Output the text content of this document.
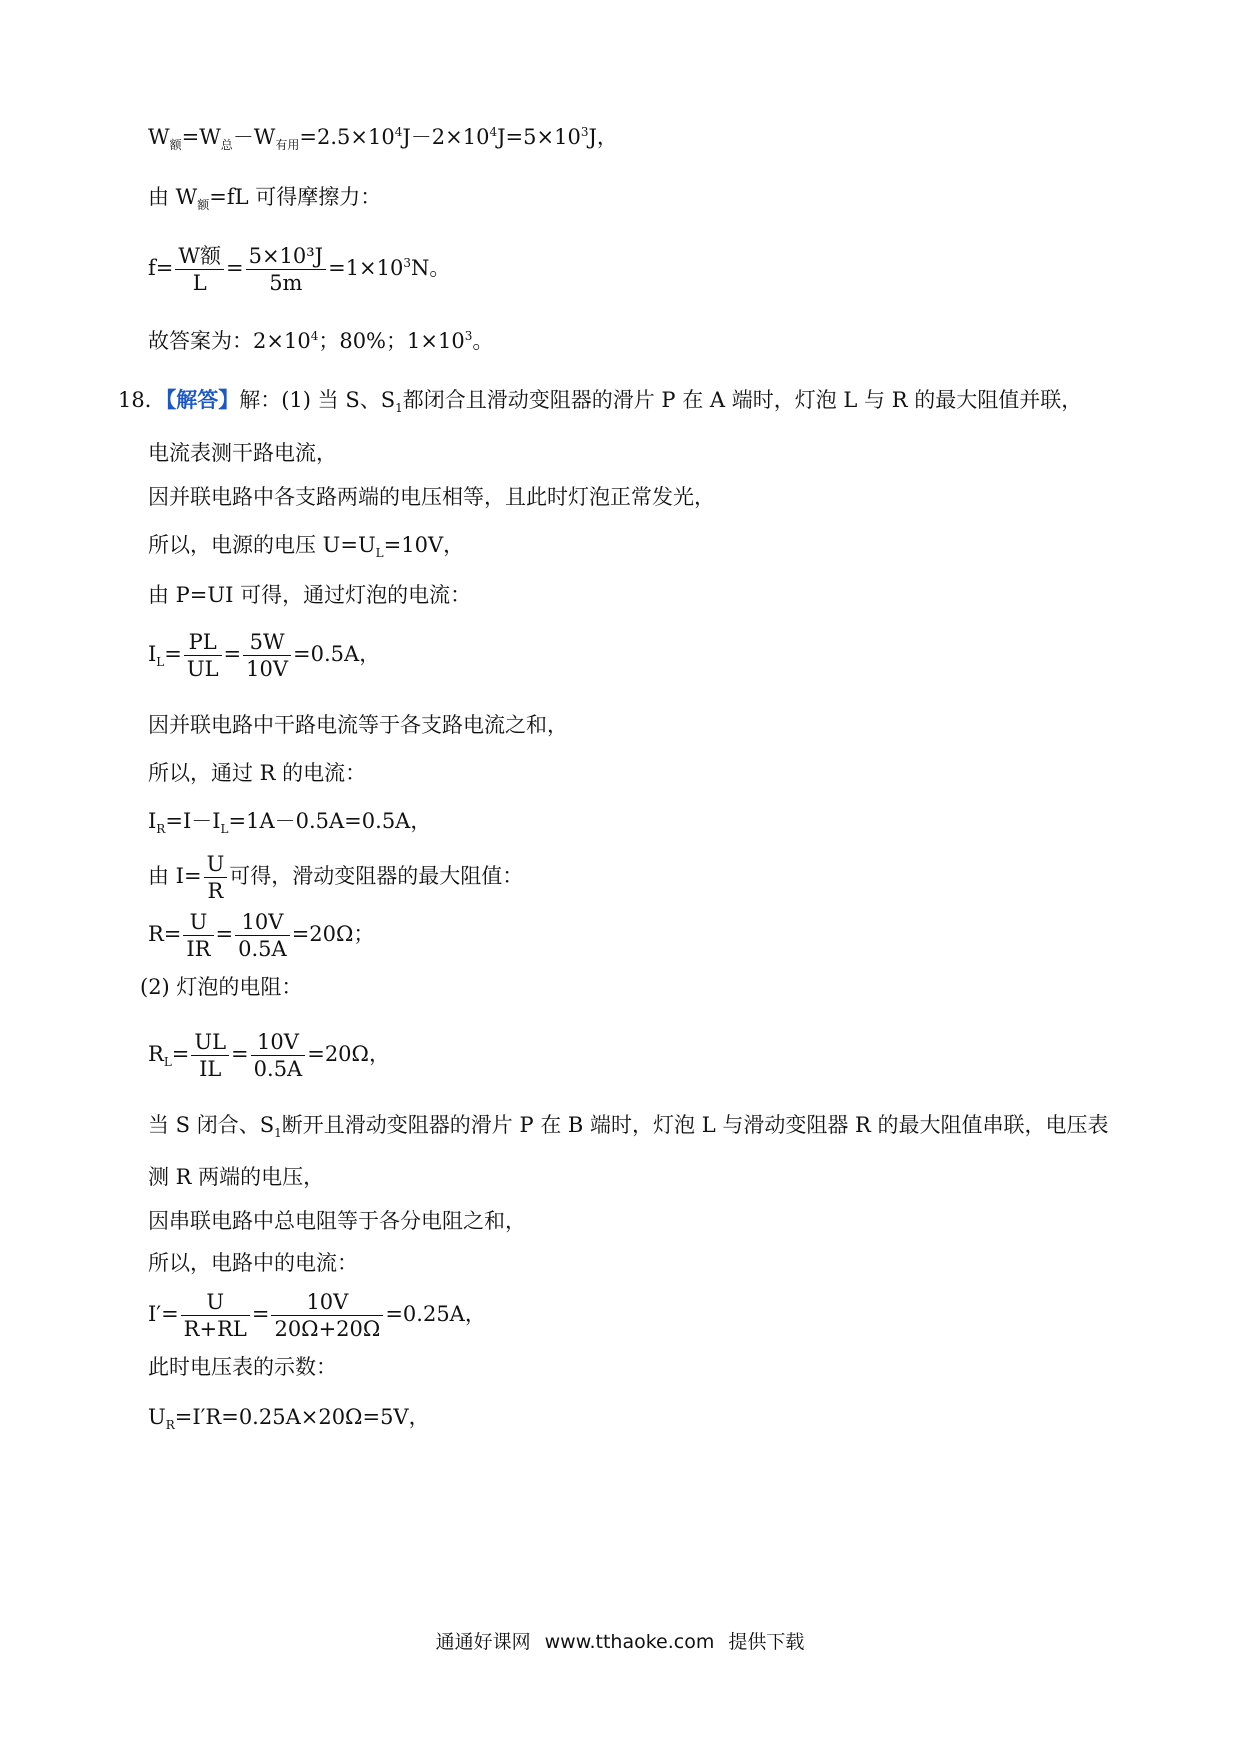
$W_额=W_总-W_{有用}=2.5\times 10^4J-2\times 10^4J=5\times 10^3J$，
由 $W_额=fL$ 可得摩擦力：
$f= \frac{\text{W额}}{L} = \frac{\text{5×10³J}}{5m} =1\times 10^3N$。
故答案为：$2\times 10^4$；80%；$1\times 10^3$。
18．【解答】解：(1) 当 S、$S_1$都闭合且滑动变阻器的滑片 P 在 A 端时，灯泡 L 与 R 的最大阻值并联，
电流表测干路电流，
因并联电路中各支路两端的电压相等，且此时灯泡正常发光，
所以，电源的电压 $U=U_L=10V$，
由 P=UI 可得，通过灯泡的电流：
$I_L= \frac{PL}{UL} = \frac{5W}{10V} =0.5A$，
因并联电路中干路电流等于各支路电流之和，
所以，通过 R 的电流：
$I_R=I-I_L=1A-0.5A=0.5A$，
由 $I= \frac{U}{R}$ 可得，滑动变阻器的最大阻值：
$R= \frac{U}{IR} = \frac{10V}{0.5A} =20\Omega$；
(2) 灯泡的电阻：
$R_L= \frac{UL}{IL} = \frac{10V}{0.5A} =20\Omega$，
当 S 闭合、$S_1$断开且滑动变阻器的滑片 P 在 B 端时，灯泡 L 与滑动变阻器 R 的最大阻值串联，电压表
测 R 两端的电压，
因串联电路中总电阻等于各分电阻之和，
所以，电路中的电流：
$I'= \frac{U}{R+RL} = \frac{10V}{20\Omega+20\Omega} =0.25A$，
此时电压表的示数：
$U_R=I'R=0.25A\times 20\Omega=5V$，
通通好课网 www.tthaoke.com 提供下载
